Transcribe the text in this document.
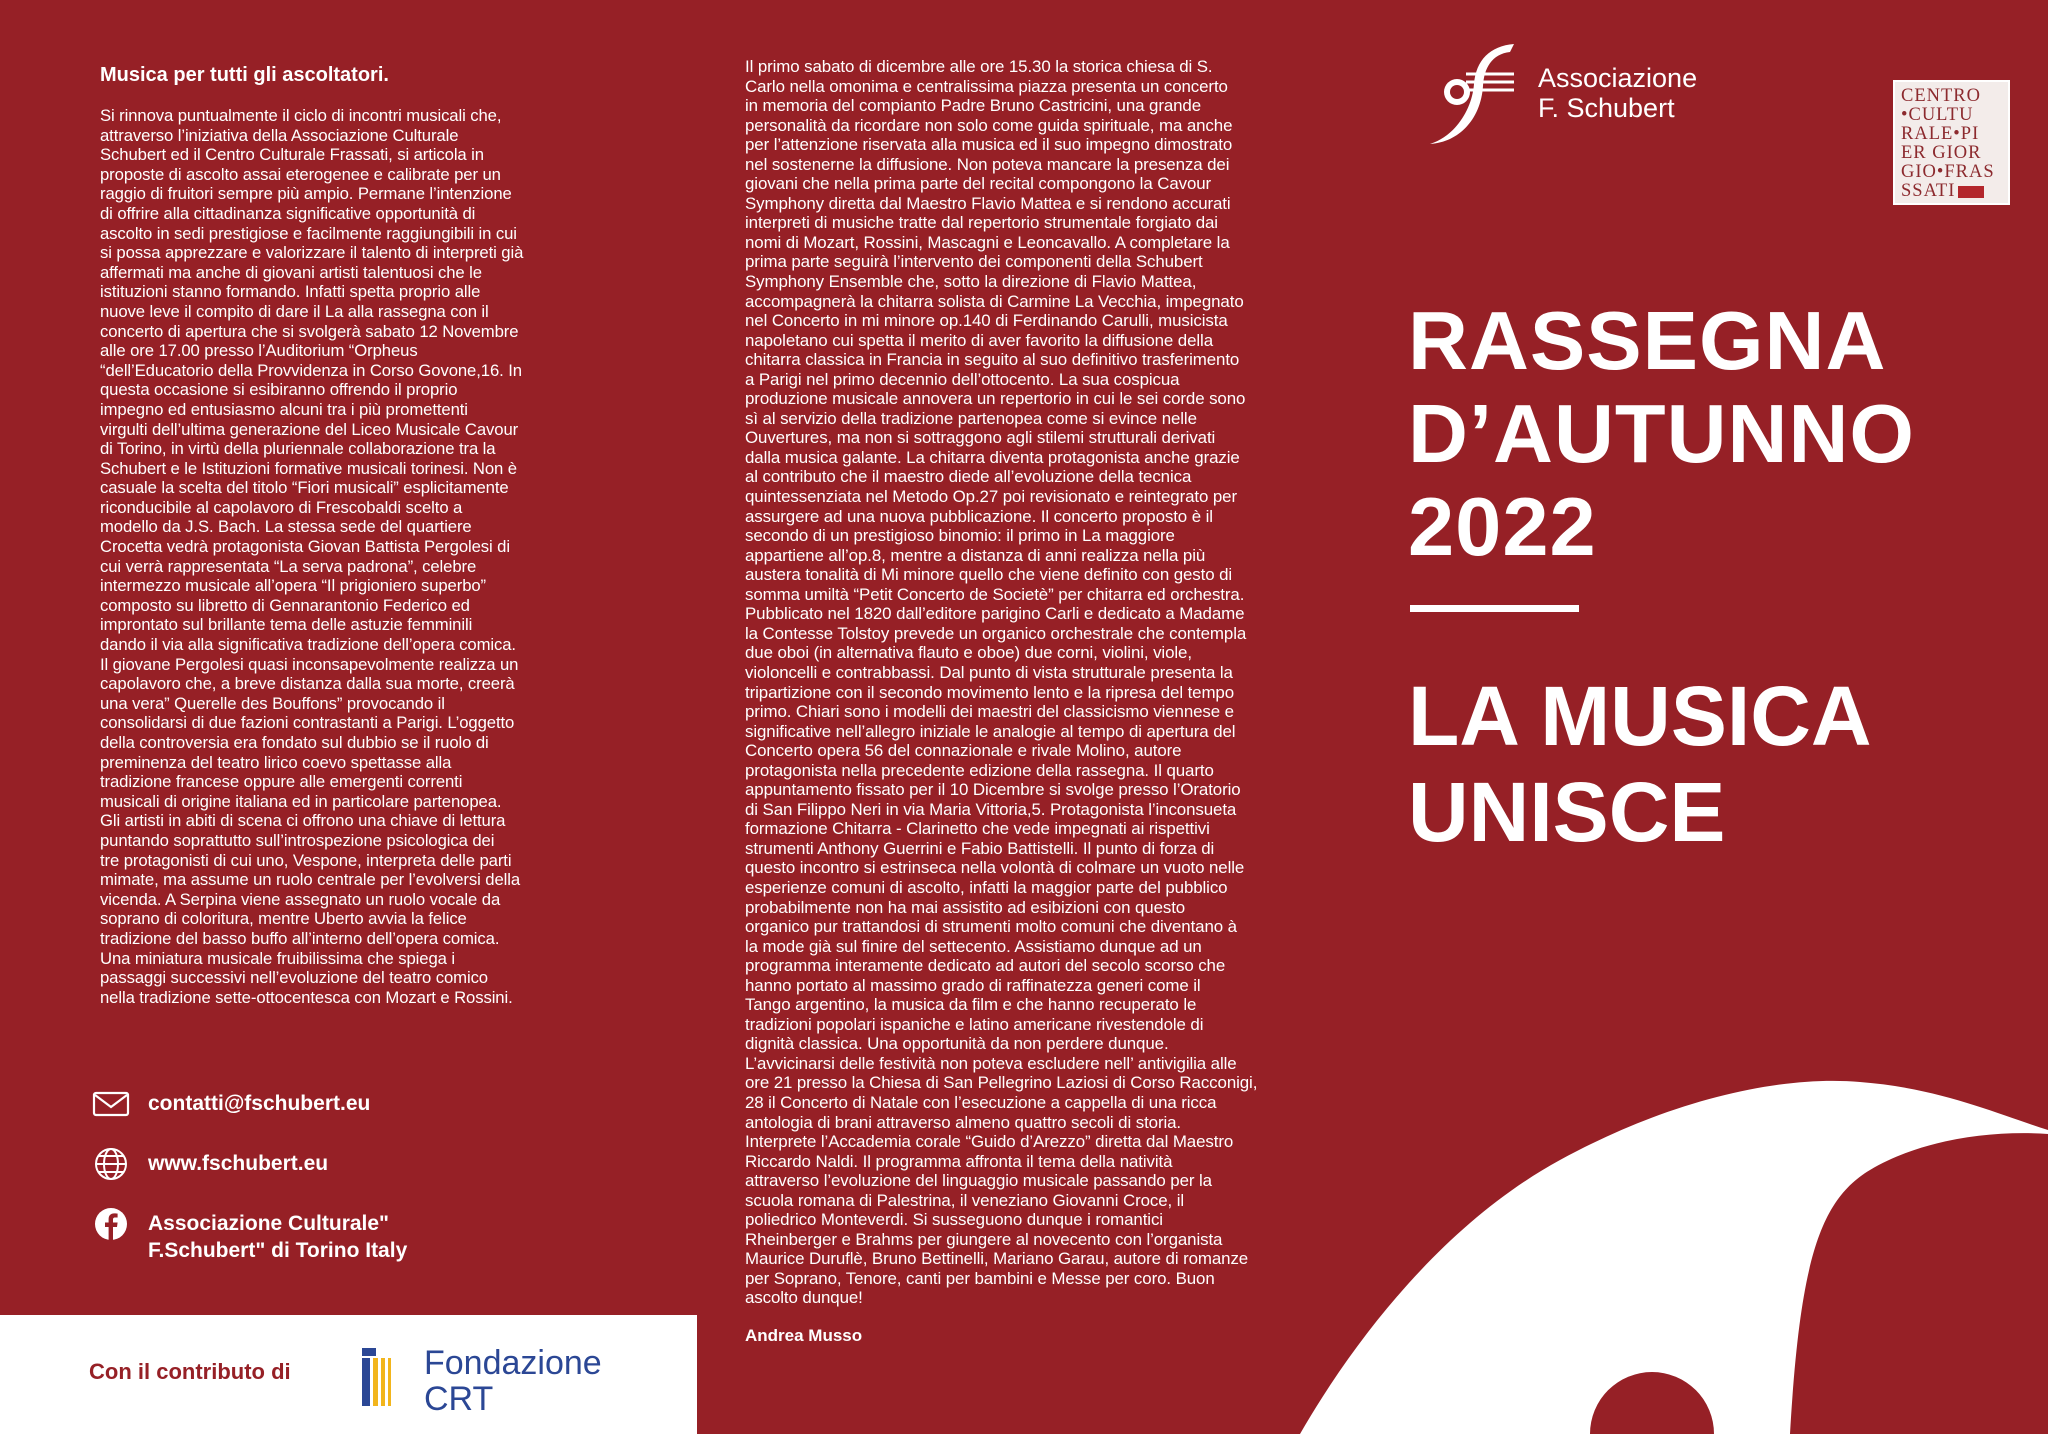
Musica per tutti gli ascoltatori.

Si rinnova puntualmente il ciclo di incontri musicali che,
attraverso l’iniziativa della Associazione Culturale
Schubert ed il Centro Culturale Frassati, si articola in
proposte di ascolto assai eterogenee e calibrate per un
raggio di fruitori sempre più ampio. Permane l’intenzione
di offrire alla cittadinanza significative opportunità di
ascolto in sedi prestigiose e facilmente raggiungibili in cui
si possa apprezzare e valorizzare il talento di interpreti già
affermati ma anche di giovani artisti talentuosi che le
istituzioni stanno formando. Infatti spetta proprio alle
nuove leve il compito di dare il La alla rassegna con il
concerto di apertura che si svolgerà sabato 12 Novembre
alle ore 17.00 presso l’Auditorium “Orpheus
“dell’Educatorio della Provvidenza in Corso Govone,16. In
questa occasione si esibiranno offrendo il proprio
impegno ed entusiasmo alcuni tra i più promettenti
virgulti dell’ultima generazione del Liceo Musicale Cavour
di Torino, in virtù della pluriennale collaborazione tra la
Schubert e le Istituzioni formative musicali torinesi. Non è
casuale la scelta del titolo “Fiori musicali” esplicitamente
riconducibile al capolavoro di Frescobaldi scelto a
modello da J.S. Bach. La stessa sede del quartiere
Crocetta vedrà protagonista Giovan Battista Pergolesi di
cui verrà rappresentata “La serva padrona”, celebre
intermezzo musicale all’opera “Il prigioniero superbo”
composto su libretto di Gennarantonio Federico ed
improntato sul brillante tema delle astuzie femminili
dando il via alla significativa tradizione dell’opera comica.
Il giovane Pergolesi quasi inconsapevolmente realizza un
capolavoro che, a breve distanza dalla sua morte, creerà
una vera” Querelle des Bouffons” provocando il
consolidarsi di due fazioni contrastanti a Parigi. L’oggetto
della controversia era fondato sul dubbio se il ruolo di
preminenza del teatro lirico coevo spettasse alla
tradizione francese oppure alle emergenti correnti
musicali di origine italiana ed in particolare partenopea.
Gli artisti in abiti di scena ci offrono una chiave di lettura
puntando soprattutto sull’introspezione psicologica dei
tre protagonisti di cui uno, Vespone, interpreta delle parti
mimate, ma assume un ruolo centrale per l’evolversi della
vicenda. A Serpina viene assegnato un ruolo vocale da
soprano di coloritura, mentre Uberto avvia la felice
tradizione del basso buffo all’interno dell’opera comica.
Una miniatura musicale fruibilissima che spiega i
passaggi successivi nell’evoluzione del teatro comico
nella tradizione sette-ottocentesca con Mozart e Rossini.

contatti@fschubert.eu
www.fschubert.eu
Associazione Culturale"
F.Schubert" di Torino Italy
Con il contributo di	Fondazione
CRT

Il primo sabato di dicembre alle ore 15.30 la storica chiesa di S.
Carlo nella omonima e centralissima piazza presenta un concerto
in memoria del compianto Padre Bruno Castricini, una grande
personalità da ricordare non solo come guida spirituale, ma anche
per l’attenzione riservata alla musica ed il suo impegno dimostrato
nel sostenerne la diffusione. Non poteva mancare la presenza dei
giovani che nella prima parte del recital compongono la Cavour
Symphony diretta dal Maestro Flavio Mattea e si rendono accurati
interpreti di musiche tratte dal repertorio strumentale forgiato dai
nomi di Mozart, Rossini, Mascagni e Leoncavallo. A completare la
prima parte seguirà l’intervento dei componenti della Schubert
Symphony Ensemble che, sotto la direzione di Flavio Mattea,
accompagnerà la chitarra solista di Carmine La Vecchia, impegnato
nel Concerto in mi minore op.140 di Ferdinando Carulli, musicista
napoletano cui spetta il merito di aver favorito la diffusione della
chitarra classica in Francia in seguito al suo definitivo trasferimento
a Parigi nel primo decennio dell’ottocento. La sua cospicua
produzione musicale annovera un repertorio in cui le sei corde sono
sì al servizio della tradizione partenopea come si evince nelle
Ouvertures, ma non si sottraggono agli stilemi strutturali derivati
dalla musica galante. La chitarra diventa protagonista anche grazie
al contributo che il maestro diede all’evoluzione della tecnica
quintessenziata nel Metodo Op.27 poi revisionato e reintegrato per
assurgere ad una nuova pubblicazione. Il concerto proposto è il
secondo di un prestigioso binomio: il primo in La maggiore
appartiene all’op.8, mentre a distanza di anni realizza nella più
austera tonalità di Mi minore quello che viene definito con gesto di
somma umiltà “Petit Concerto de Societè” per chitarra ed orchestra.
Pubblicato nel 1820 dall’editore parigino Carli e dedicato a Madame
la Contesse Tolstoy prevede un organico orchestrale che contempla
due oboi (in alternativa flauto e oboe) due corni, violini, viole,
violoncelli e contrabbassi. Dal punto di vista strutturale presenta la
tripartizione con il secondo movimento lento e la ripresa del tempo
primo. Chiari sono i modelli dei maestri del classicismo viennese e
significative nell’allegro iniziale le analogie al tempo di apertura del
Concerto opera 56 del connazionale e rivale Molino, autore
protagonista nella precedente edizione della rassegna. Il quarto
appuntamento fissato per il 10 Dicembre si svolge presso l’Oratorio
di San Filippo Neri in via Maria Vittoria,5. Protagonista l’inconsueta
formazione Chitarra - Clarinetto che vede impegnati ai rispettivi
strumenti Anthony Guerrini e Fabio Battistelli. Il punto di forza di
questo incontro si estrinseca nella volontà di colmare un vuoto nelle
esperienze comuni di ascolto, infatti la maggior parte del pubblico
probabilmente non ha mai assistito ad esibizioni con questo
organico pur trattandosi di strumenti molto comuni che diventano à
la mode già sul finire del settecento. Assistiamo dunque ad un
programma interamente dedicato ad autori del secolo scorso che
hanno portato al massimo grado di raffinatezza generi come il
Tango argentino, la musica da film e che hanno recuperato le
tradizioni popolari ispaniche e latino americane rivestendole di
dignità classica. Una opportunità da non perdere dunque.
L’avvicinarsi delle festività non poteva escludere nell’ antivigilia alle
ore 21 presso la Chiesa di San Pellegrino Laziosi di Corso Racconigi,
28 il Concerto di Natale con l’esecuzione a cappella di una ricca
antologia di brani attraverso almeno quattro secoli di storia.
Interprete l’Accademia corale “Guido d’Arezzo” diretta dal Maestro
Riccardo Naldi. Il programma affronta il tema della natività
attraverso l’evoluzione del linguaggio musicale passando per la
scuola romana di Palestrina, il veneziano Giovanni Croce, il
poliedrico Monteverdi. Si susseguono dunque i romantici
Rheinberger e Brahms per giungere al novecento con l’organista
Maurice Duruflè, Bruno Bettinelli, Mariano Garau, autore di romanze
per Soprano, Tenore, canti per bambini e Messe per coro. Buon
ascolto dunque!

Andrea Musso
Associazione
F. Schubert	CENTRO
•CULTU
RALE•PI
ER GIOR
GIO•FRAS
SSATI
RASSEGNA
D’AUTUNNO
2022
LA MUSICA
UNISCE
